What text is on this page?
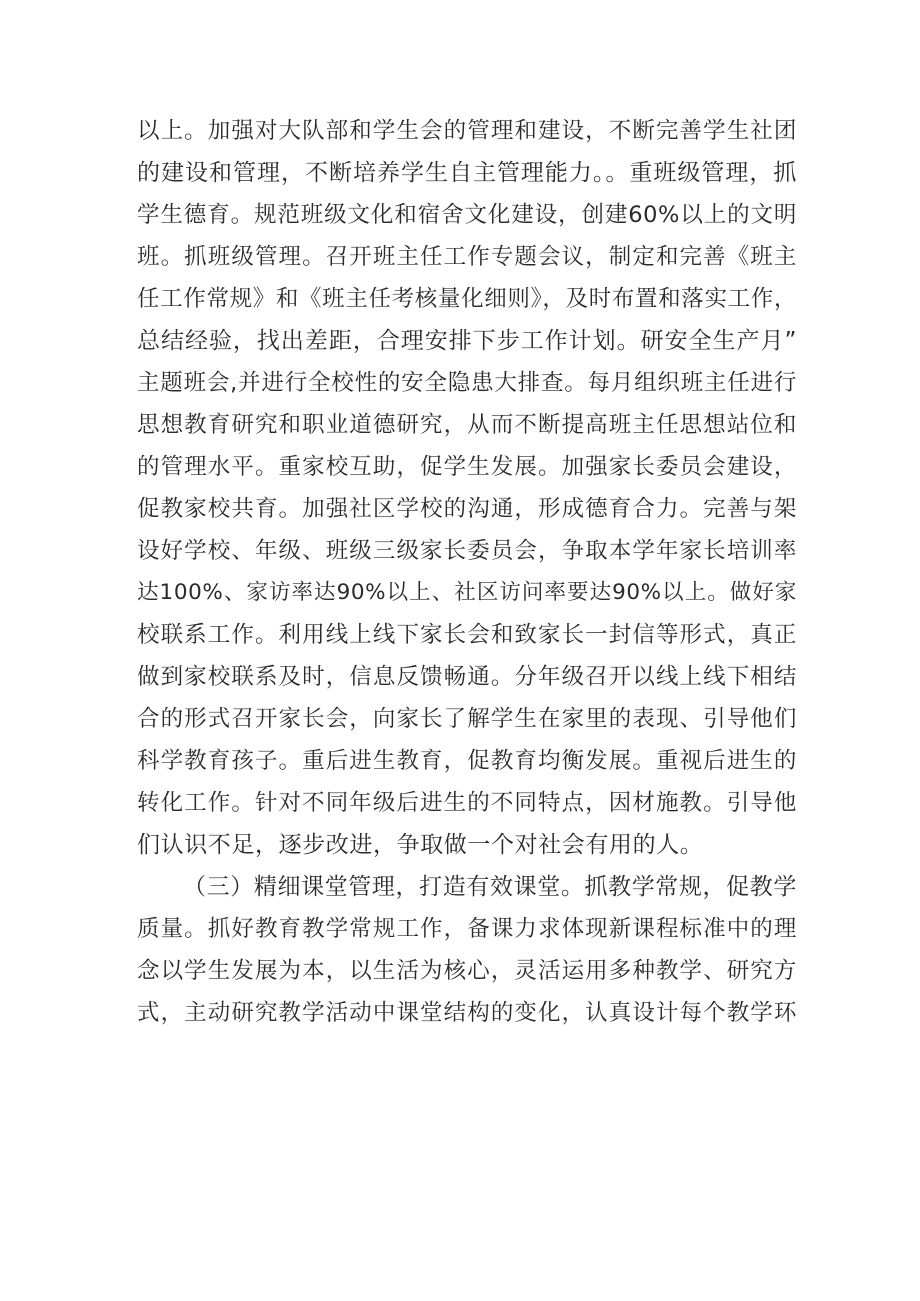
以上。加强对大队部和学生会的管理和建设，不断完善学生社团
的建设和管理，不断培养学生自主管理能力。。重班级管理，抓
学生德育。规范班级文化和宿舍文化建设，创建60%以上的文明
班。抓班级管理。召开班主任工作专题会议，制定和完善《班主
任工作常规》和《班主任考核量化细则》，及时布置和落实工作，
总结经验，找出差距，合理安排下步工作计划。研安全生产月”
主题班会,并进行全校性的安全隐患大排查。每月组织班主任进行
思想教育研究和职业道德研究，从而不断提高班主任思想站位和
的管理水平。重家校互助，促学生发展。加强家长委员会建设，
促教家校共育。加强社区学校的沟通，形成德育合力。完善与架
设好学校、年级、班级三级家长委员会，争取本学年家长培训率
达100%、家访率达90%以上、社区访问率要达90%以上。做好家
校联系工作。利用线上线下家长会和致家长一封信等形式，真正
做到家校联系及时，信息反馈畅通。分年级召开以线上线下相结
合的形式召开家长会，向家长了解学生在家里的表现、引导他们
科学教育孩子。重后进生教育，促教育均衡发展。重视后进生的
转化工作。针对不同年级后进生的不同特点，因材施教。引导他
们认识不足，逐步改进，争取做一个对社会有用的人。
（三）精细课堂管理，打造有效课堂。抓教学常规，促教学
质量。抓好教育教学常规工作，备课力求体现新课程标准中的理
念以学生发展为本，以生活为核心，灵活运用多种教学、研究方
式，主动研究教学活动中课堂结构的变化，认真设计每个教学环
